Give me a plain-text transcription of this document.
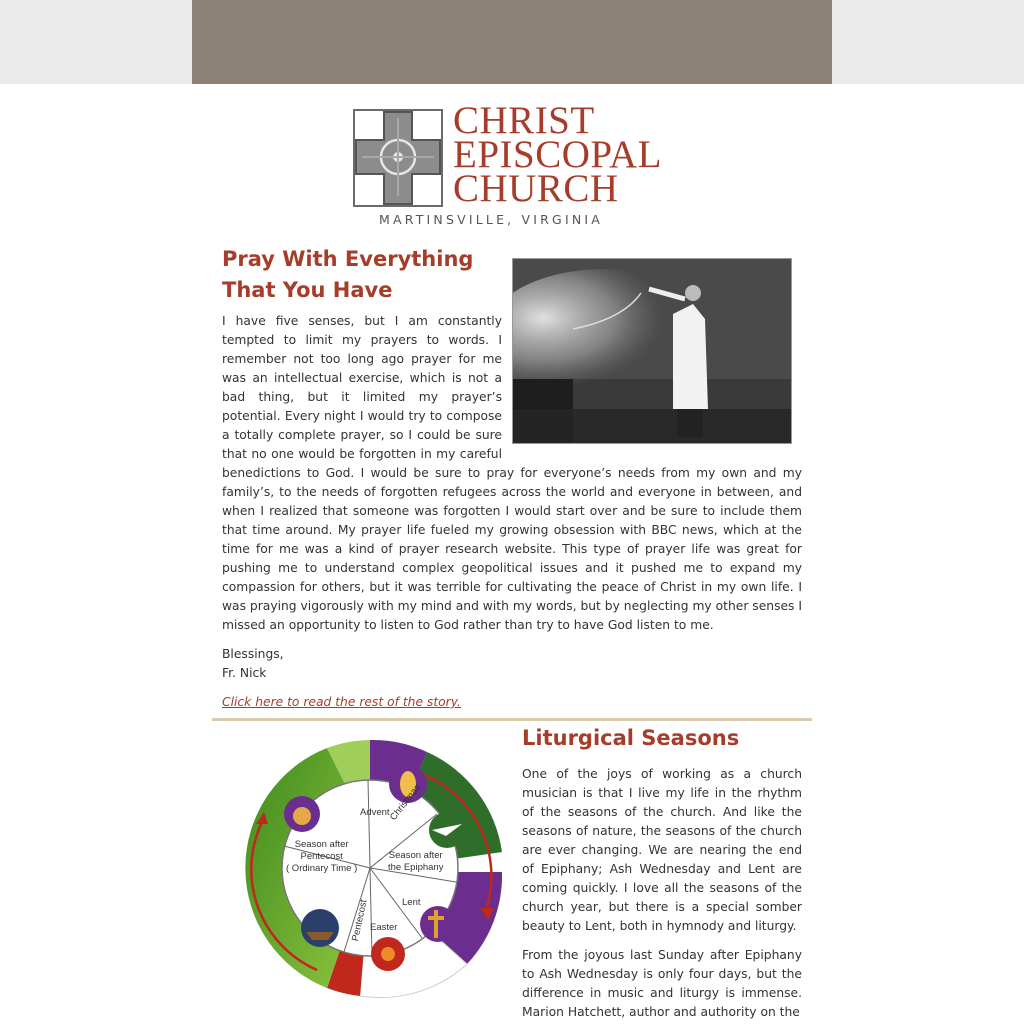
CHRIST
EPISCOPAL
CHURCH
MARTINSVILLE, VIRGINIA
Pray With Everything That You Have

I have five senses, but I am constantly tempted to limit my prayers to words. I remember not too long ago prayer for me was an intellectual exercise, which is not a bad thing, but it limited my prayer’s potential. Every night I would try to compose a totally complete prayer, so I could be sure that no one would be forgotten in my careful benedictions to God. I would be sure to pray for everyone’s needs from my own and my family’s, to the needs of forgotten refugees across the world and everyone in between, and when I realized that someone was forgotten I would start over and be sure to include them that time around. My prayer life fueled my growing obsession with BBC news, which at the time for me was a kind of prayer research website. This type of prayer life was great for pushing me to understand complex geopolitical issues and it pushed me to expand my compassion for others, but it was terrible for cultivating the peace of Christ in my own life. I was praying vigorously with my mind and with my words, but by neglecting my other senses I missed an opportunity to listen to God rather than try to have God listen to me.

Blessings,
Fr. Nick
Click here to read the rest of the story.
Advent
Christmas
Season after
the Epiphany
Lent
Easter
Pentecost
Season after
Pentecost
( Ordinary Time )
Liturgical Seasons

One of the joys of working as a church musician is that I live my life in the rhythm of the seasons of the church. And like the seasons of nature, the seasons of the church are ever changing. We are nearing the end of Epiphany; Ash Wednesday and Lent are coming quickly. I love all the seasons of the church year, but there is a special somber beauty to Lent, both in hymnody and liturgy.

From the joyous last Sunday after Epiphany to Ash Wednesday is only four days, but the difference in music and liturgy is immense. Marion Hatchett, author and authority on the
